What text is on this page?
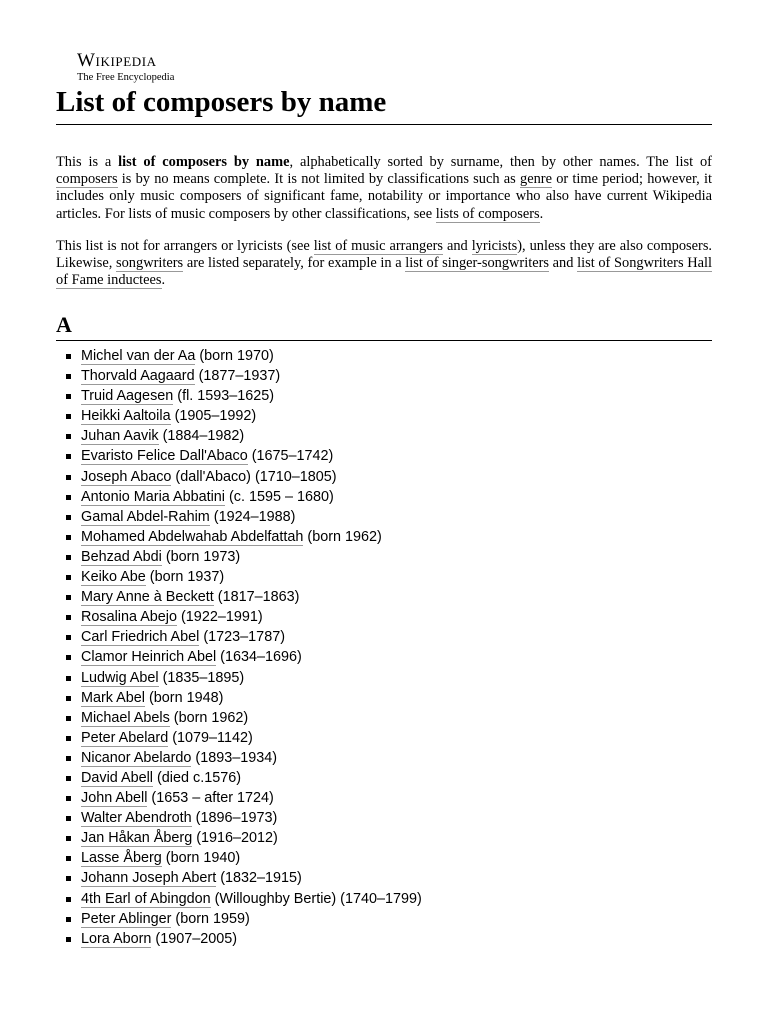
Wikipedia
The Free Encyclopedia
List of composers by name

This is a list of composers by name, alphabetically sorted by surname, then by other names. The list of composers is by no means complete. It is not limited by classifications such as genre or time period; however, it includes only music composers of significant fame, notability or importance who also have current Wikipedia articles. For lists of music composers by other classifications, see lists of composers.

This list is not for arrangers or lyricists (see list of music arrangers and lyricists), unless they are also composers. Likewise, songwriters are listed separately, for example in a list of singer-songwriters and list of Songwriters Hall of Fame inductees.

A
Michel van der Aa (born 1970)
Thorvald Aagaard (1877–1937)
Truid Aagesen (fl. 1593–1625)
Heikki Aaltoila (1905–1992)
Juhan Aavik (1884–1982)
Evaristo Felice Dall'Abaco (1675–1742)
Joseph Abaco (dall'Abaco) (1710–1805)
Antonio Maria Abbatini (c. 1595 – 1680)
Gamal Abdel-Rahim (1924–1988)
Mohamed Abdelwahab Abdelfattah (born 1962)
Behzad Abdi (born 1973)
Keiko Abe (born 1937)
Mary Anne à Beckett (1817–1863)
Rosalina Abejo (1922–1991)
Carl Friedrich Abel (1723–1787)
Clamor Heinrich Abel (1634–1696)
Ludwig Abel (1835–1895)
Mark Abel (born 1948)
Michael Abels (born 1962)
Peter Abelard (1079–1142)
Nicanor Abelardo (1893–1934)
David Abell (died c.1576)
John Abell (1653 – after 1724)
Walter Abendroth (1896–1973)
Jan Håkan Åberg (1916–2012)
Lasse Åberg (born 1940)
Johann Joseph Abert (1832–1915)
4th Earl of Abingdon (Willoughby Bertie) (1740–1799)
Peter Ablinger (born 1959)
Lora Aborn (1907–2005)
